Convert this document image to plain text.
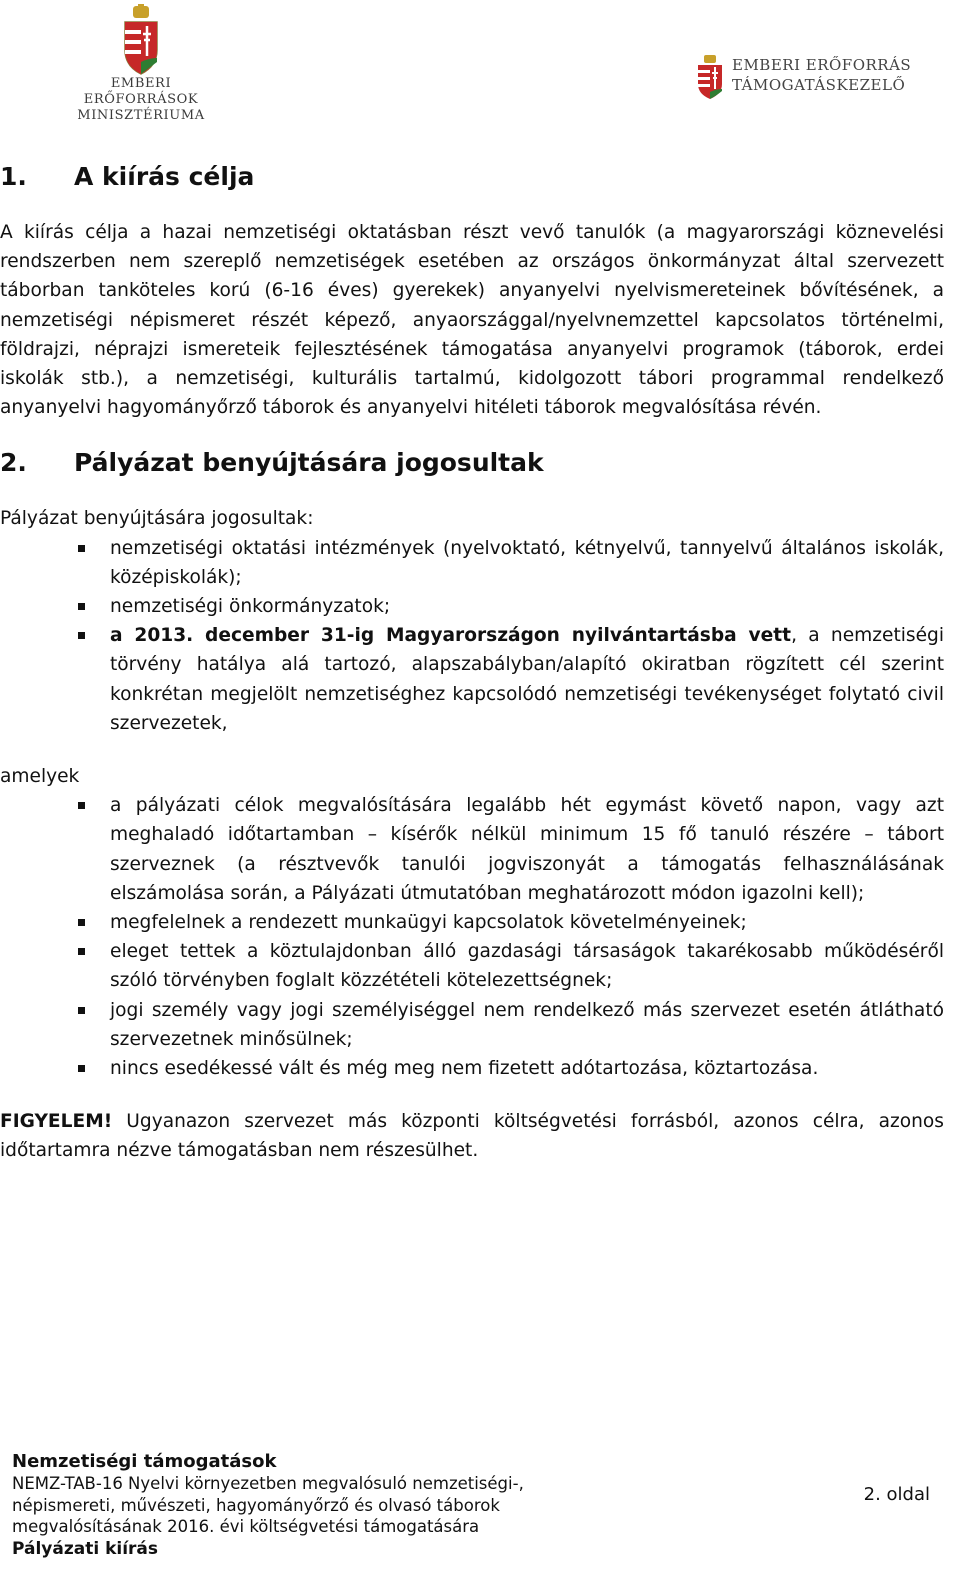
EMBERI ERŐFORRÁSOK
MINISZTÉRIUMA
EMBERI ERŐFORRÁS
TÁMOGATÁSKEZELŐ
1.	A kiírás célja

A kiírás célja a hazai nemzetiségi oktatásban részt vevő tanulók (a magyarországi köznevelési rendszerben nem szereplő nemzetiségek esetében az országos önkormányzat által szervezett táborban tanköteles korú (6-16 éves) gyerekek) anyanyelvi nyelvismereteinek bővítésének, a nemzetiségi népismeret részét képező, anyaországgal/nyelvnemzettel kapcsolatos történelmi, földrajzi, néprajzi ismereteik fejlesztésének támogatása anyanyelvi programok (táborok, erdei iskolák stb.), a nemzetiségi, kulturális tartalmú, kidolgozott tábori programmal rendelkező anyanyelvi hagyományőrző táborok és anyanyelvi hitéleti táborok megvalósítása révén.

2.	Pályázat benyújtására jogosultak

Pályázat benyújtására jogosultak:

nemzetiségi oktatási intézmények (nyelvoktató, kétnyelvű, tannyelvű általános iskolák, középiskolák);
nemzetiségi önkormányzatok;
a 2013. december 31-ig Magyarországon nyilvántartásba vett, a nemzetiségi törvény hatálya alá tartozó, alapszabályban/alapító okiratban rögzített cél szerint konkrétan megjelölt nemzetiséghez kapcsolódó nemzetiségi tevékenységet folytató civil szervezetek,

amelyek

a pályázati célok megvalósítására legalább hét egymást követő napon, vagy azt meghaladó időtartamban – kísérők nélkül minimum 15 fő tanuló részére – tábort szerveznek (a résztvevők tanulói jogviszonyát a támogatás felhasználásának elszámolása során, a Pályázati útmutatóban meghatározott módon igazolni kell);
megfelelnek a rendezett munkaügyi kapcsolatok követelményeinek;
eleget tettek a köztulajdonban álló gazdasági társaságok takarékosabb működéséről szóló törvényben foglalt közzétételi kötelezettségnek;
jogi személy vagy jogi személyiséggel nem rendelkező más szervezet esetén átlátható szervezetnek minősülnek;
nincs esedékessé vált és még meg nem fizetett adótartozása, köztartozása.

FIGYELEM! Ugyanazon szervezet más központi költségvetési forrásból, azonos célra, azonos időtartamra nézve támogatásban nem részesülhet.

Nemzetiségi támogatások
NEMZ-TAB-16 Nyelvi környezetben megvalósuló nemzetiségi-,
népismereti, művészeti, hagyományőrző és olvasó táborok
megvalósításának 2016. évi költségvetési támogatására
Pályázati kiírás
2. oldal
